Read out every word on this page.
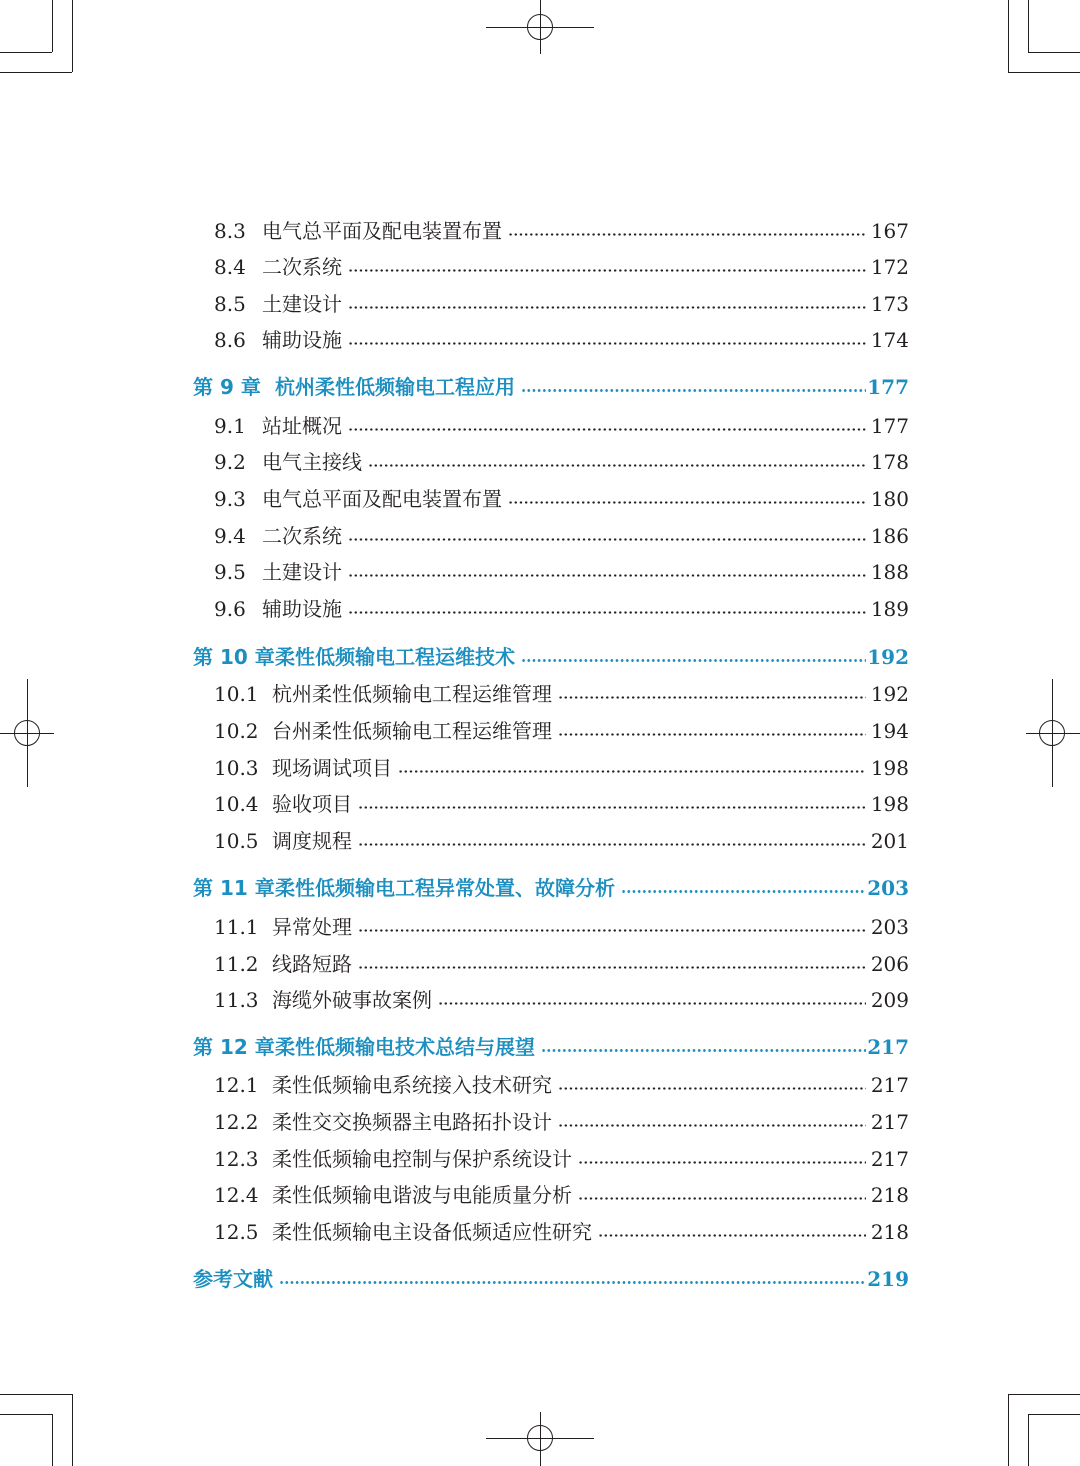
8.3 电气总平面及配电装置布置	167
8.4 二次系统	172
8.5 土建设计	173
8.6 辅助设施	174
第 9 章 杭州柔性低频输电工程应用	177
9.1 站址概况	177
9.2 电气主接线	178
9.3 电气总平面及配电装置布置	180
9.4 二次系统	186
9.5 土建设计	188
9.6 辅助设施	189
第 10 章 柔性低频输电工程运维技术	192
10.1 杭州柔性低频输电工程运维管理	192
10.2 台州柔性低频输电工程运维管理	194
10.3 现场调试项目	198
10.4 验收项目	198
10.5 调度规程	201
第 11 章 柔性低频输电工程异常处置、故障分析	203
11.1 异常处理	203
11.2 线路短路	206
11.3 海缆外破事故案例	209
第 12 章 柔性低频输电技术总结与展望	217
12.1 柔性低频输电系统接入技术研究	217
12.2 柔性交交换频器主电路拓扑设计	217
12.3 柔性低频输电控制与保护系统设计	217
12.4 柔性低频输电谐波与电能质量分析	218
12.5 柔性低频输电主设备低频适应性研究	218
参考文献	219
